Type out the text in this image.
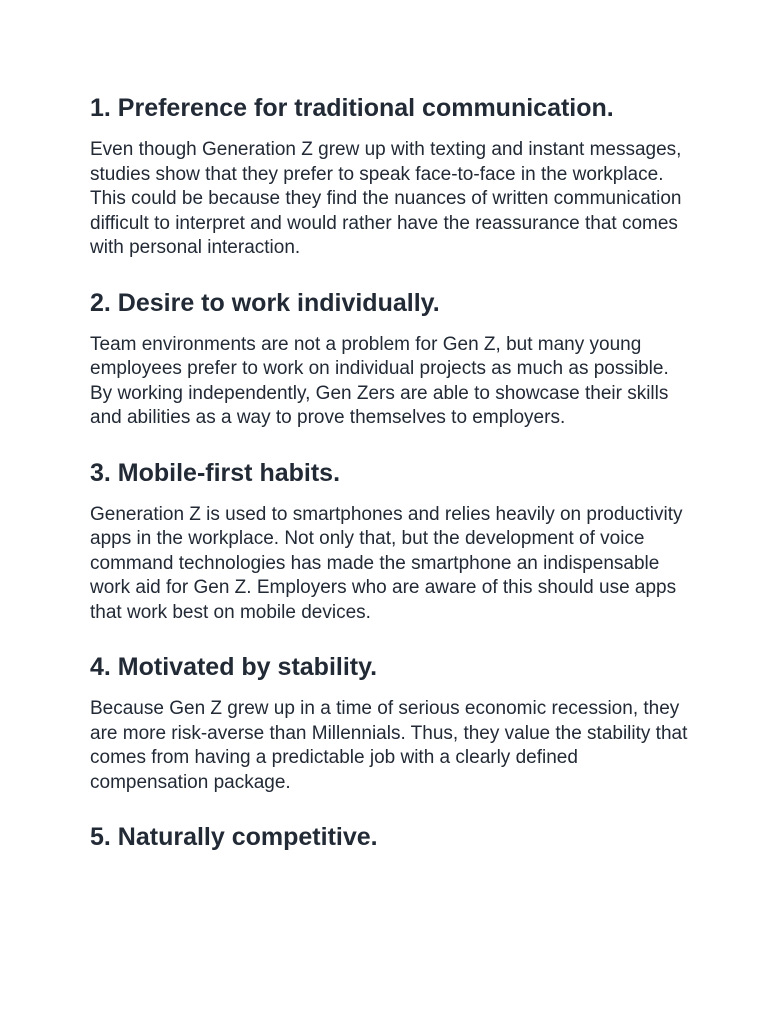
1. Preference for traditional communication.

Even though Generation Z grew up with texting and instant messages, studies show that they prefer to speak face-to-face in the workplace. This could be because they find the nuances of written communication difficult to interpret and would rather have the reassurance that comes with personal interaction.

2. Desire to work individually.

Team environments are not a problem for Gen Z, but many young employees prefer to work on individual projects as much as possible. By working independently, Gen Zers are able to showcase their skills and abilities as a way to prove themselves to employers.

3. Mobile-first habits.

Generation Z is used to smartphones and relies heavily on productivity apps in the workplace. Not only that, but the development of voice command technologies has made the smartphone an indispensable work aid for Gen Z. Employers who are aware of this should use apps that work best on mobile devices.

4. Motivated by stability.

Because Gen Z grew up in a time of serious economic recession, they are more risk-averse than Millennials. Thus, they value the stability that comes from having a predictable job with a clearly defined compensation package.

5. Naturally competitive.
